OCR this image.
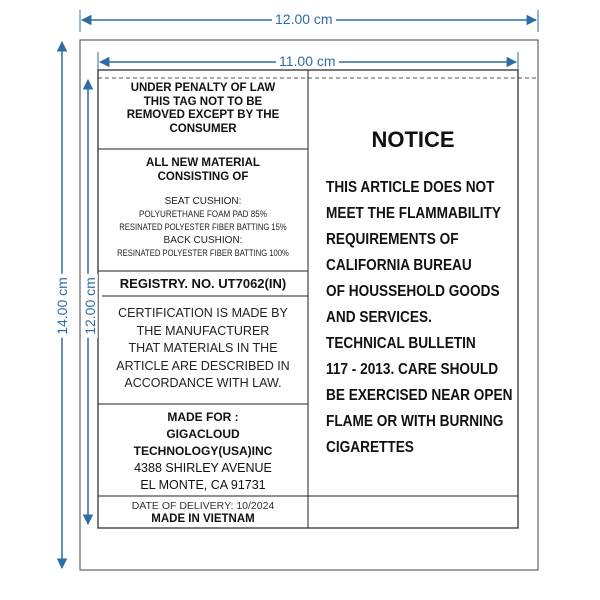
12.00 cm
11.00 cm
14.00 cm 12.00 cm
UNDER PENALTY OF LAW
THIS TAG NOT TO BE
REMOVED EXCEPT BY THE
CONSUMER
ALL NEW MATERIAL
CONSISTING OF
SEAT CUSHION:
POLYURETHANE FOAM PAD 85%
RESINATED POLYESTER FIBER BATTING 15%
BACK CUSHION:
RESINATED POLYESTER FIBER BATTING 100%
REGISTRY. NO. UT7062(IN)
CERTIFICATION IS MADE BY
THE MANUFACTURER
THAT MATERIALS IN THE
ARTICLE ARE DESCRIBED IN
ACCORDANCE WITH LAW.
MADE FOR :
GIGACLOUD
TECHNOLOGY(USA)INC
4388 SHIRLEY AVENUE
EL MONTE, CA 91731
DATE OF DELIVERY: 10/2024
MADE IN VIETNAM
NOTICE
THIS ARTICLE DOES NOT
MEET THE FLAMMABILITY
REQUIREMENTS OF
CALIFORNIA BUREAU
OF HOUSSEHOLD GOODS
AND SERVICES.
TECHNICAL BULLETIN
117 - 2013. CARE SHOULD
BE EXERCISED NEAR OPEN
FLAME OR WITH BURNING
CIGARETTES
